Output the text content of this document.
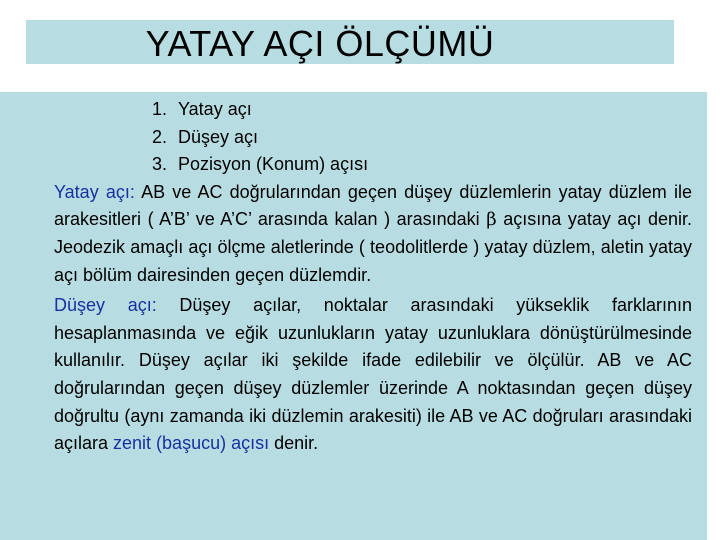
YATAY AÇI ÖLÇÜMÜ
1. Yatay açı
2. Düşey açı
3. Pozisyon (Konum) açısı

Yatay açı: AB ve AC doğrularından geçen düşey düzlemlerin yatay düzlem ile arakesitleri ( A’B’ ve A’C’ arasında kalan ) arasındaki β açısına yatay açı denir. Jeodezik amaçlı açı ölçme aletlerinde ( teodolitlerde ) yatay düzlem, aletin yatay açı bölüm dairesinden geçen düzlemdir.

Düşey açı: Düşey açılar, noktalar arasındaki yükseklik farklarının hesaplanmasında ve eğik uzunlukların yatay uzunluklara dönüştürülmesinde kullanılır. Düşey açılar iki şekilde ifade edilebilir ve ölçülür. AB ve AC doğrularından geçen düşey düzlemler üzerinde A noktasından geçen düşey doğrultu (aynı zamanda iki düzlemin arakesiti) ile AB ve AC doğruları arasındaki açılara zenit (başucu) açısı denir.
